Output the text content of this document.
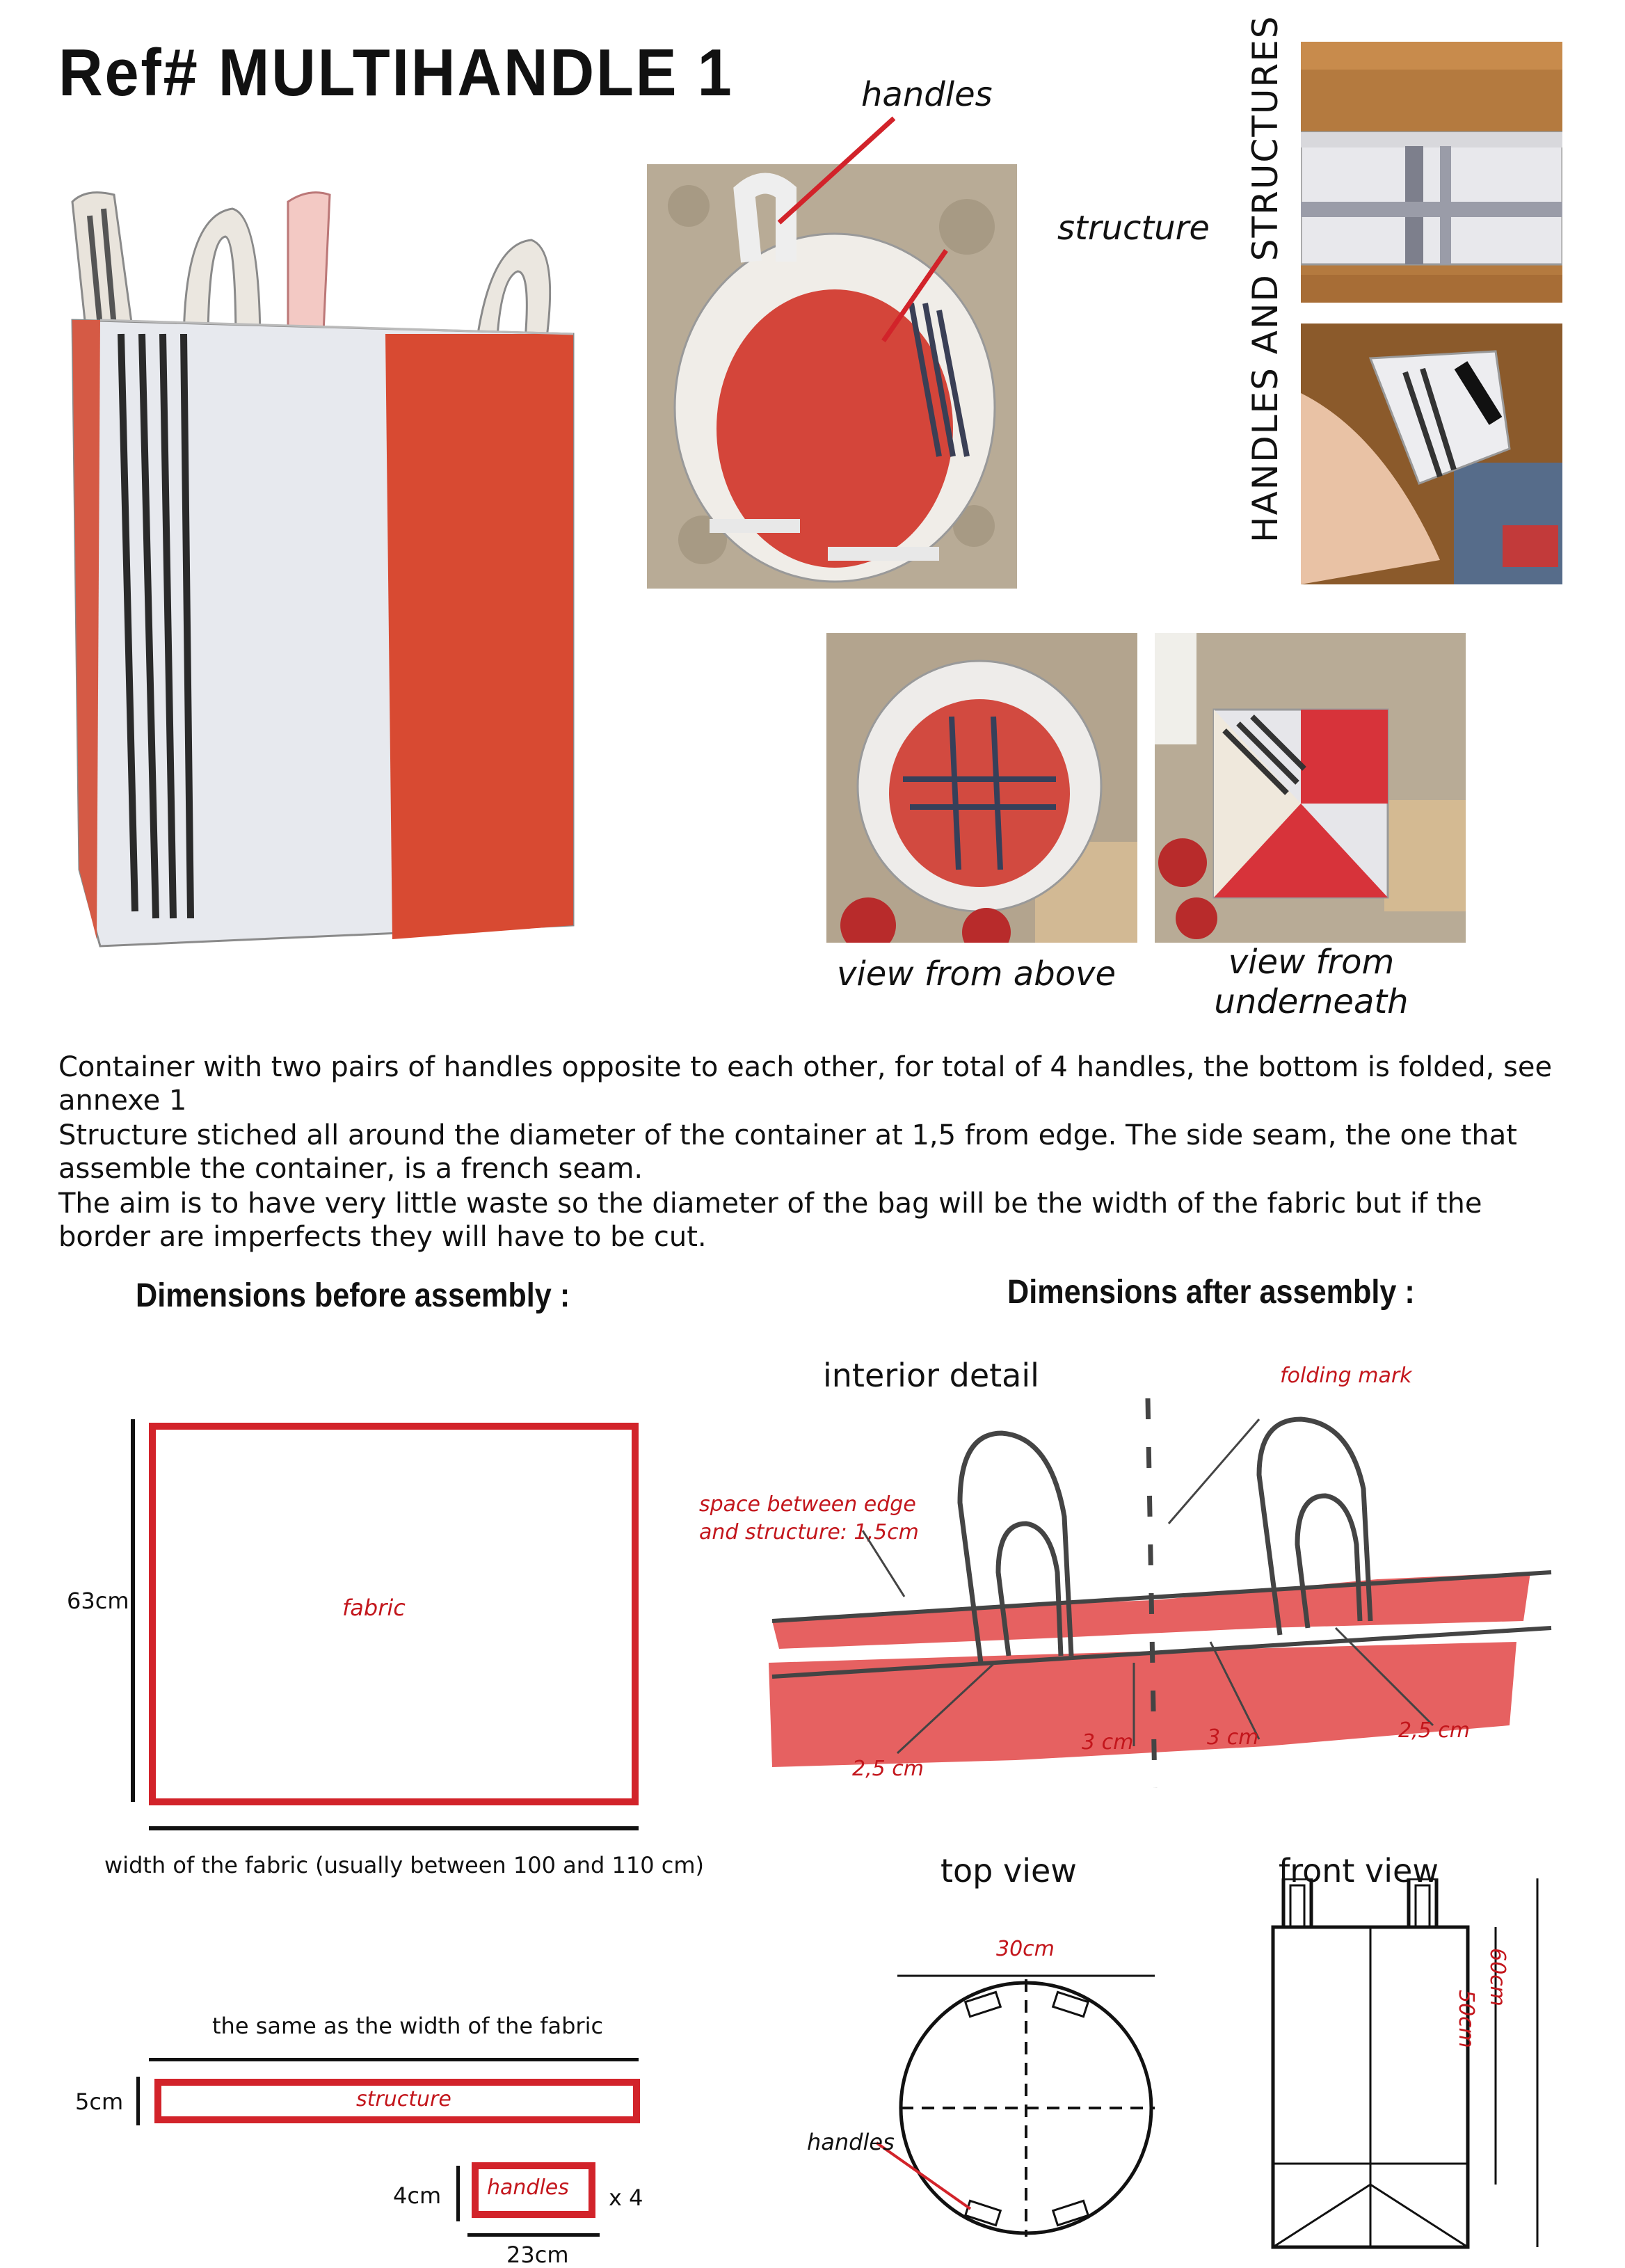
Ref# MULTIHANDLE 1	handles
structure HANDLES AND STRUCTURES
view from above	view from
underneath

Container with two pairs of handles opposite to each other, for total of 4 handles, the bottom is folded, see annexe 1

Structure stiched all around the diameter of the container at 1,5 from edge. The side seam, the one that assemble the container, is a french seam.

The aim is to have very little waste so the diameter of the bag will be the width of the fabric but if the border are imperfects they will have to be cut.

Dimensions before assembly :
63cm	fabric
width of the fabric (usually between 100 and 110 cm)
the same as the width of the fabric
5cm	structure
4cm handles x 4
23cm
Dimensions after assembly :
interior detail	folding mark
space between edge
and structure: 1,5cm
2,5 cm
3 cm	3 cm	2,5 cm
top view
30cm
handles
front view
60cm
50cm
